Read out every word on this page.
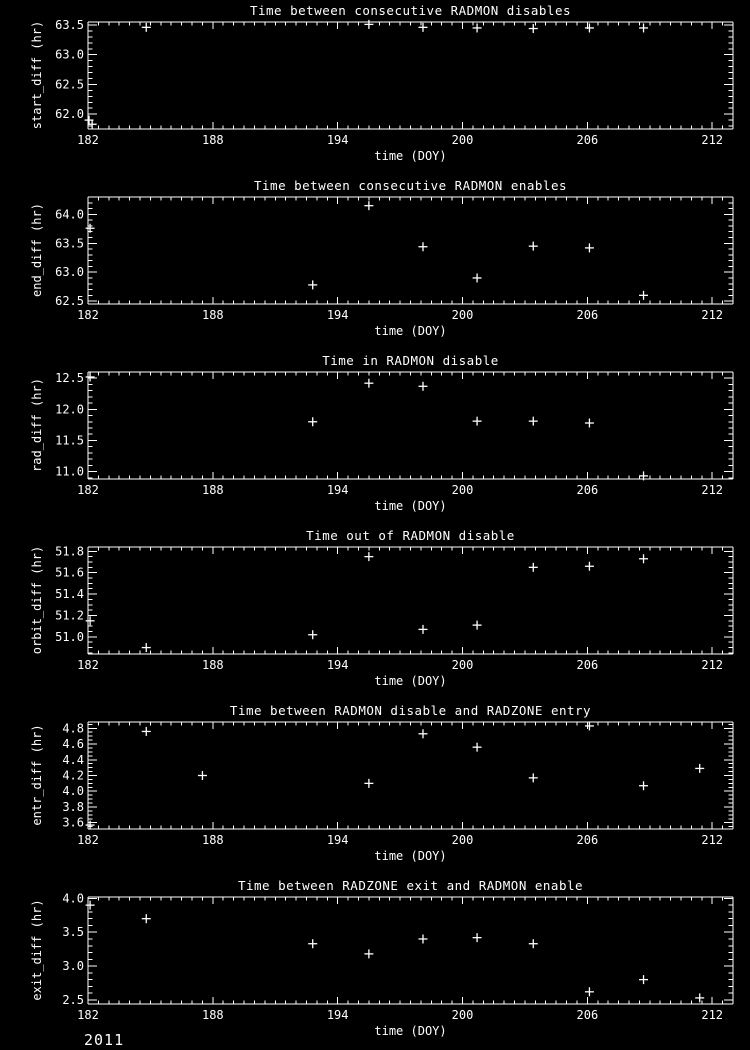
Time between consecutive RADMON disables
start_diff (hr)
182	188	194	200	206	212
62.0
62.5
63.0
63.5
time (DOY)
Time between consecutive RADMON enables
end_diff (hr)
182	188	194	200	206	212
62.5
63.0
63.5
64.0
time (DOY)
Time in RADMON disable
rad_diff (hr)
182	188	194	200	206	212
11.0
11.5
12.0
12.5
time (DOY)
Time out of RADMON disable
orbit_diff (hr)
182	188	194	200	206	212
51.0
51.2
51.4
51.6
51.8
time (DOY)
Time between RADMON disable and RADZONE entry
entr_diff (hr)
182	188	194	200	206	212
3.6
3.8
4.0
4.2
4.4
4.6
4.8
time (DOY)
Time between RADZONE exit and RADMON enable
exit_diff (hr)
182	188	194	200	206	212
2.5
3.0
3.5
4.0
time (DOY)
2011
